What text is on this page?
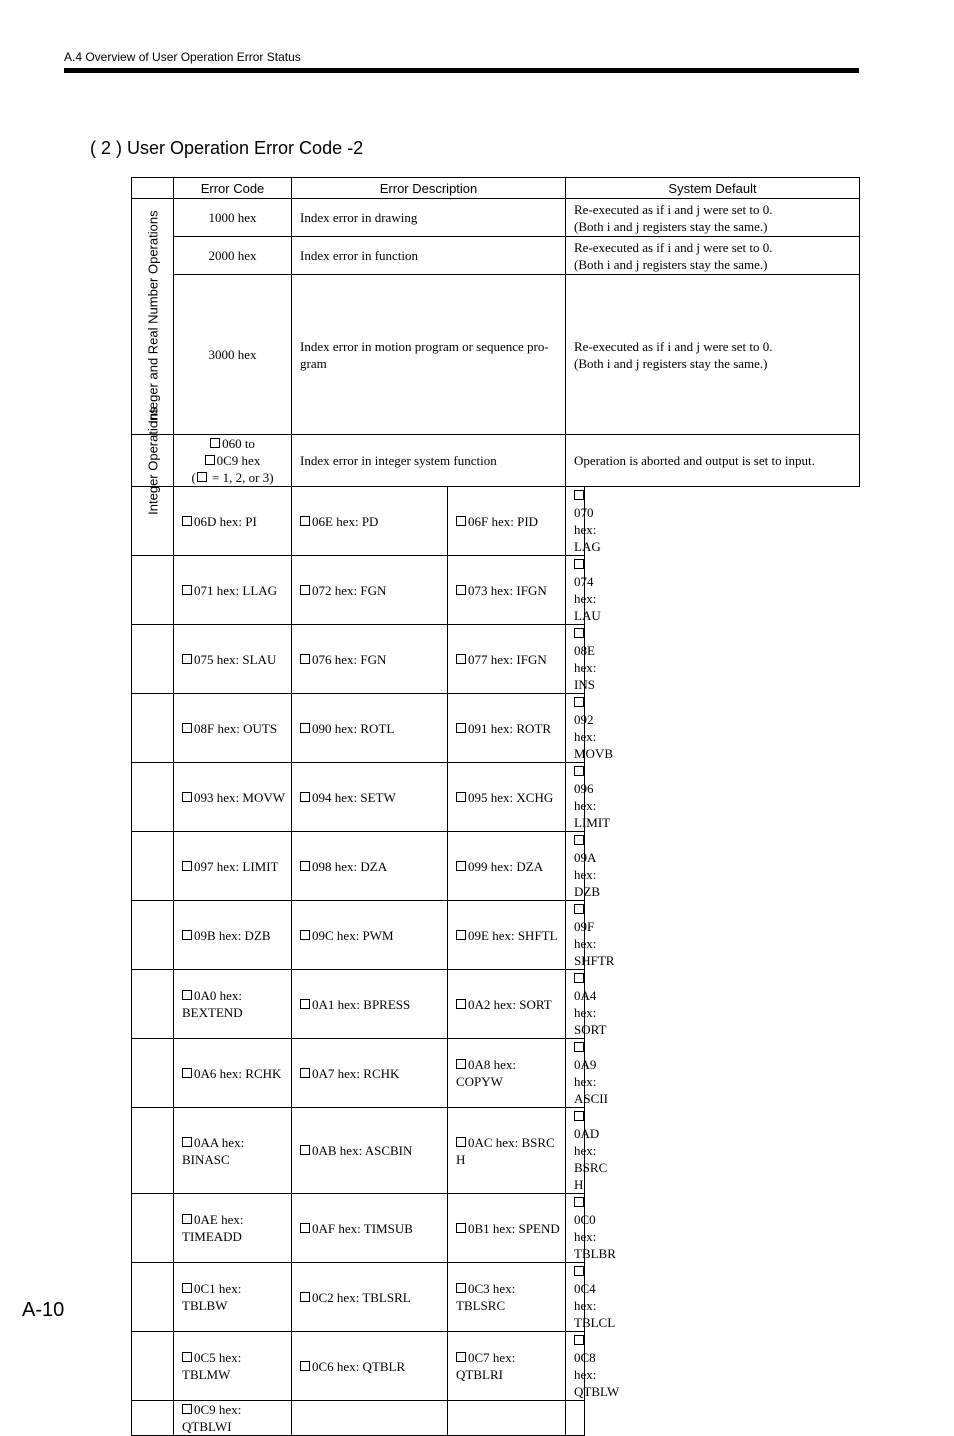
A.4 Overview of User Operation Error Status
( 2 ) User Operation Error Code -2
	Error Code	Error Description		System Default

Integer and Real Number Operations	1000 hex	Index error in drawing		Re-executed as if i and j were set to 0.
(Both i and j registers stay the same.)

	2000 hex	Index error in function		Re-executed as if i and j were set to 0.
(Both i and j registers stay the same.)

	3000 hex	Index error in motion program or sequence pro-gram		Re-executed as if i and j were set to 0.
(Both i and j registers stay the same.)

Integer Operations	060 to
0C9 hex
( = 1, 2, or 3)	Index error in integer system function		Operation is aborted and output is set to input.
	06D hex: PI	06E hex: PD	06F hex: PID	070 hex: LAG
	071 hex: LLAG	072 hex: FGN	073 hex: IFGN	074 hex: LAU
	075 hex: SLAU	076 hex: FGN	077 hex: IFGN	08E hex: INS
	08F hex: OUTS	090 hex: ROTL	091 hex: ROTR	092 hex: MOVB
	093 hex: MOVW	094 hex: SETW	095 hex: XCHG	096 hex: LIMIT
	097 hex: LIMIT	098 hex: DZA	099 hex: DZA	09A hex: DZB
	09B hex: DZB	09C hex: PWM	09E hex: SHFTL	09F hex: SHFTR
	0A0 hex: BEXTEND	0A1 hex: BPRESS	0A2 hex: SORT	0A4 hex: SORT
	0A6 hex: RCHK	0A7 hex: RCHK	0A8 hex: COPYW	0A9 hex: ASCII
	0AA hex: BINASC	0AB hex: ASCBIN	0AC hex: BSRC H	0AD hex: BSRC H
	0AE hex: TIMEADD	0AF hex: TIMSUB	0B1 hex: SPEND	0C0 hex: TBLBR
	0C1 hex: TBLBW	0C2 hex: TBLSRL	0C3 hex: TBLSRC	0C4 hex: TBLCL
	0C5 hex: TBLMW	0C6 hex: QTBLR	0C7 hex: QTBLRI	0C8 hex: QTBLW
	0C9 hex: QTBLWI			
A-10
